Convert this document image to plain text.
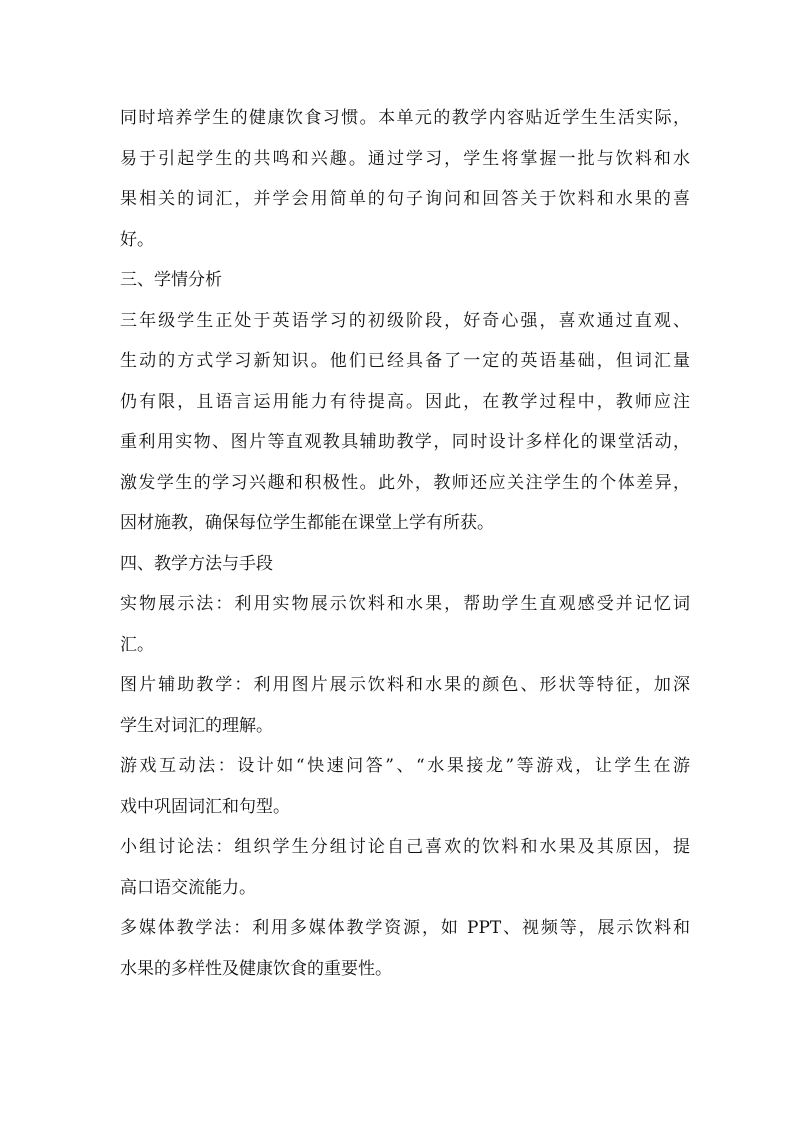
同时培养学生的健康饮食习惯。本单元的教学内容贴近学生生活实际，
易于引起学生的共鸣和兴趣。通过学习，学生将掌握一批与饮料和水
果相关的词汇，并学会用简单的句子询问和回答关于饮料和水果的喜
好。
三、学情分析
三年级学生正处于英语学习的初级阶段，好奇心强，喜欢通过直观、
生动的方式学习新知识。他们已经具备了一定的英语基础，但词汇量
仍有限，且语言运用能力有待提高。因此，在教学过程中，教师应注
重利用实物、图片等直观教具辅助教学，同时设计多样化的课堂活动，
激发学生的学习兴趣和积极性。此外，教师还应关注学生的个体差异，
因材施教，确保每位学生都能在课堂上学有所获。
四、教学方法与手段
实物展示法：利用实物展示饮料和水果，帮助学生直观感受并记忆词
汇。
图片辅助教学：利用图片展示饮料和水果的颜色、形状等特征，加深
学生对词汇的理解。
游戏互动法：设计如“快速问答”、“水果接龙”等游戏，让学生在游
戏中巩固词汇和句型。
小组讨论法：组织学生分组讨论自己喜欢的饮料和水果及其原因，提
高口语交流能力。
多媒体教学法：利用多媒体教学资源，如 PPT、视频等，展示饮料和
水果的多样性及健康饮食的重要性。
